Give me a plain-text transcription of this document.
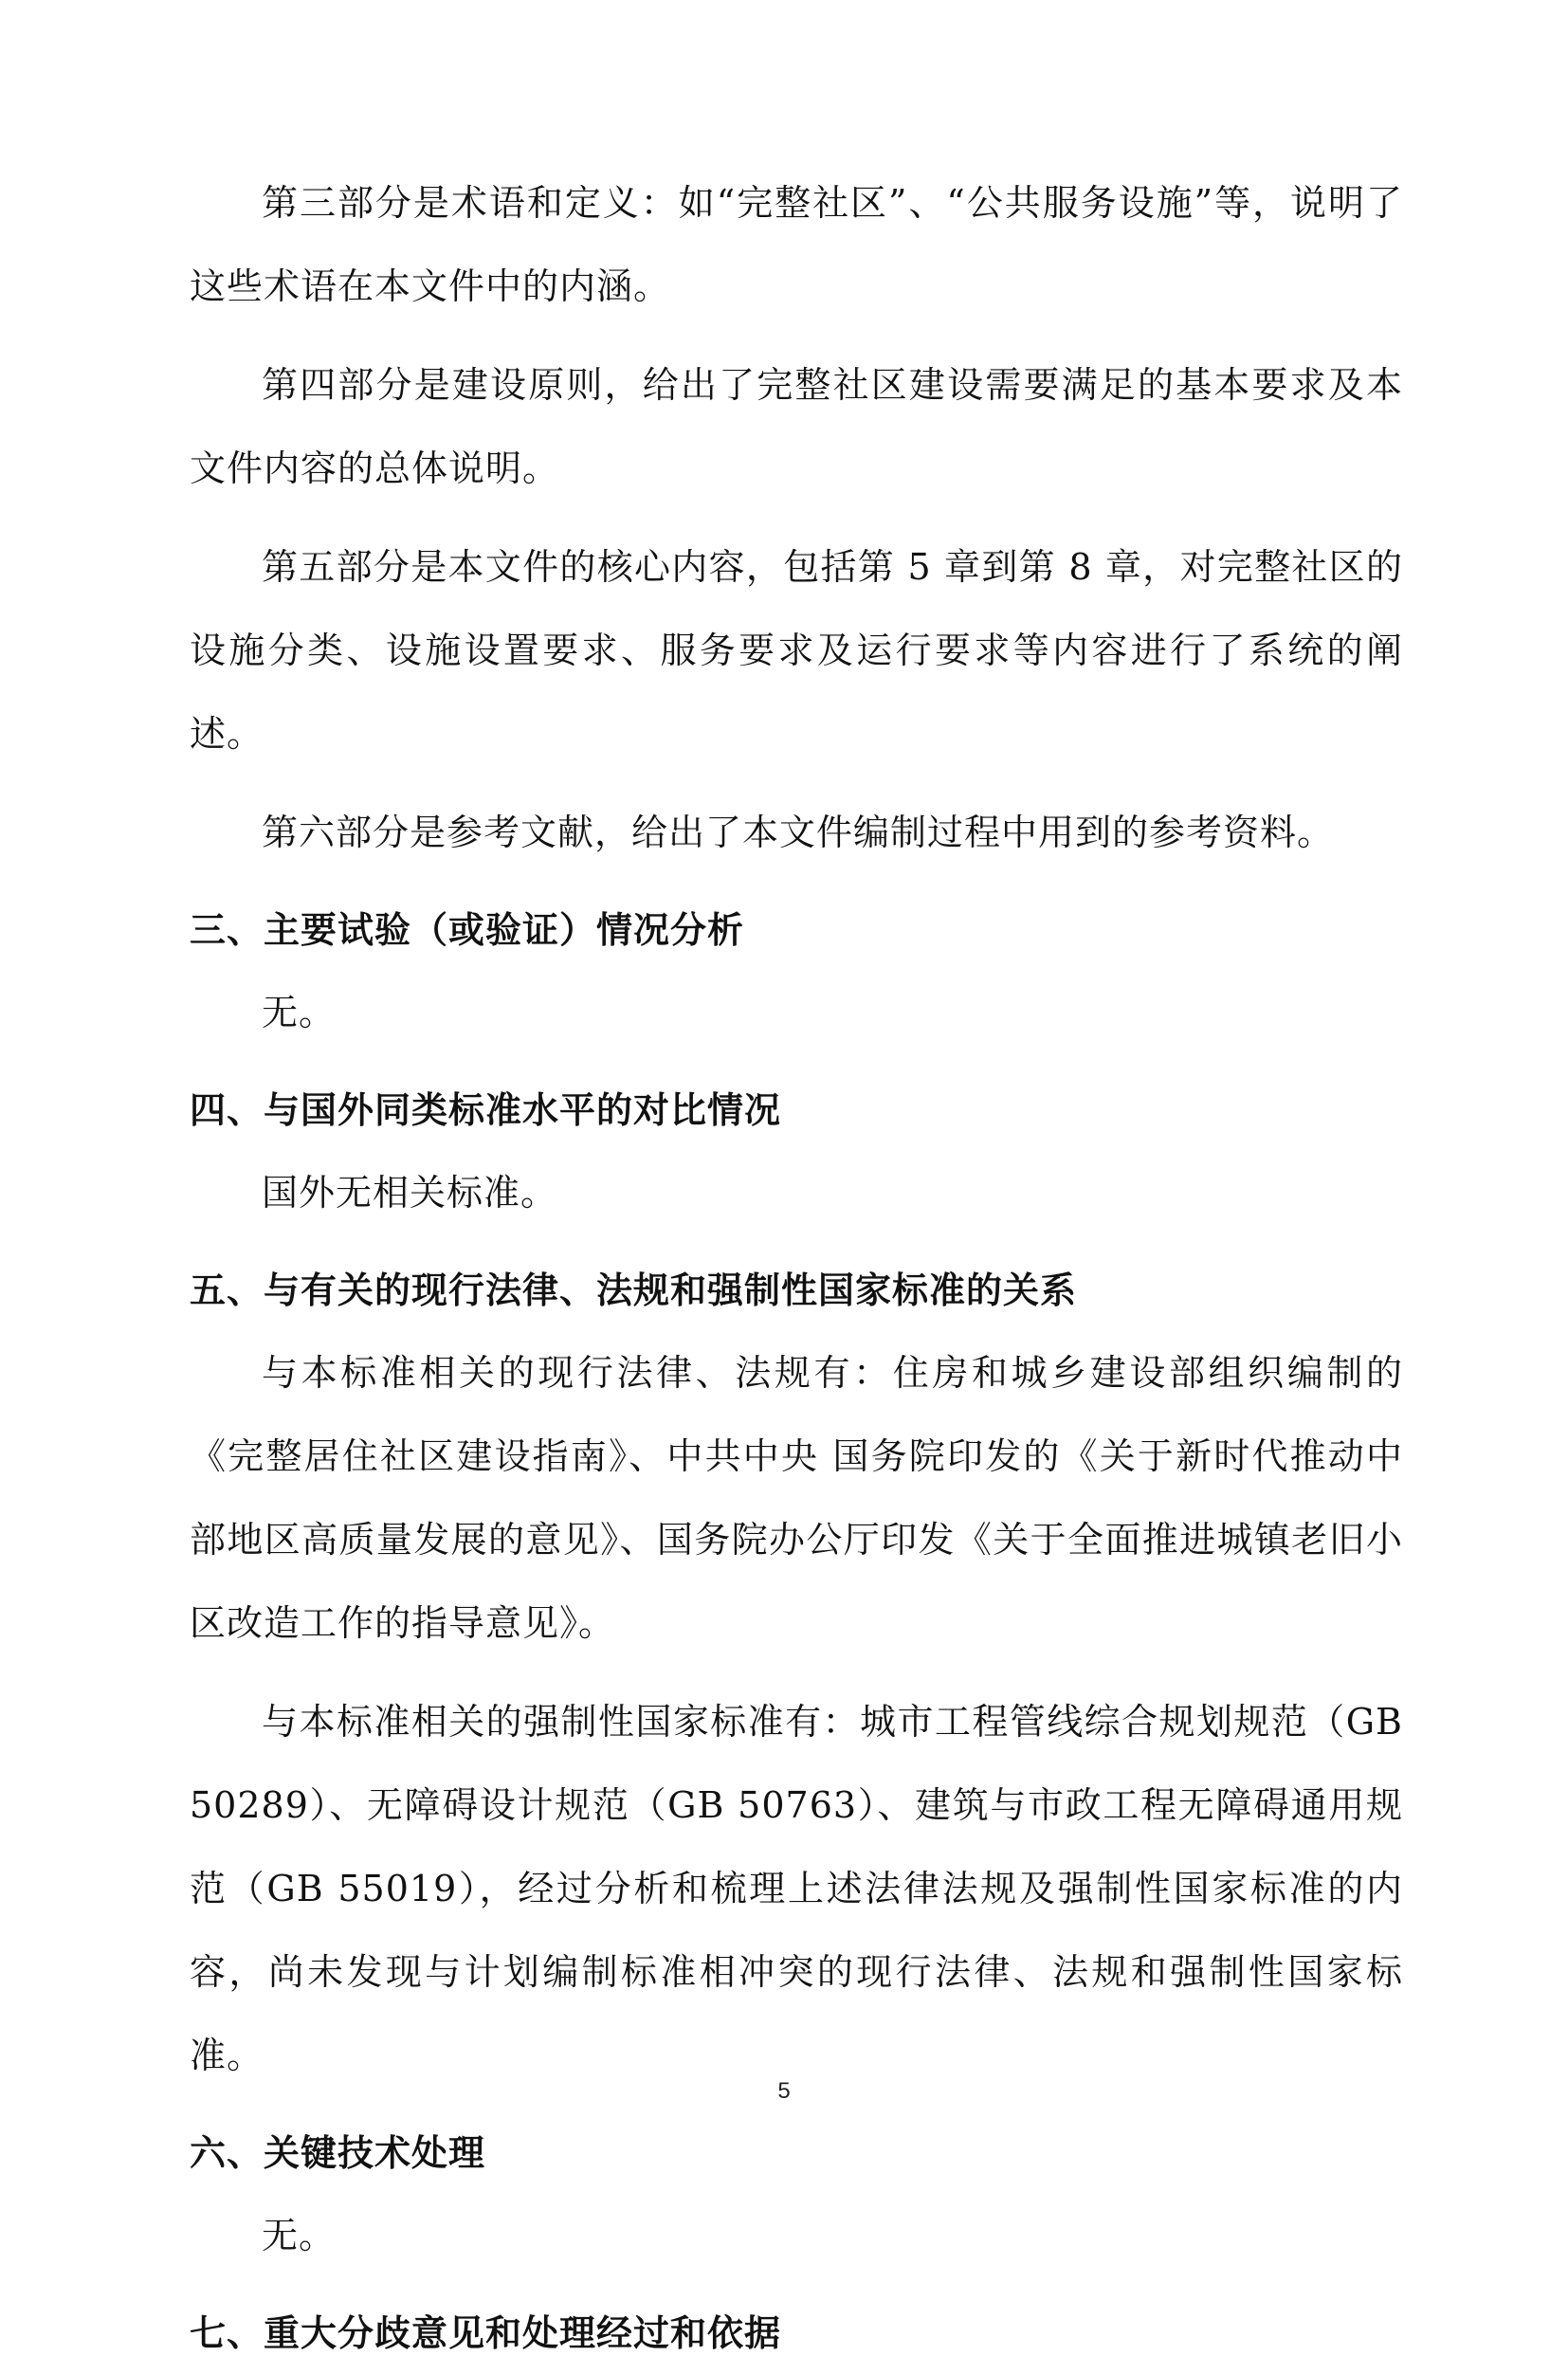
第三部分是术语和定义：如“完整社区”、“公共服务设施”等，说明了这些术语在本文件中的内涵。

第四部分是建设原则，给出了完整社区建设需要满足的基本要求及本文件内容的总体说明。

第五部分是本文件的核心内容，包括第 5 章到第 8 章，对完整社区的设施分类、设施设置要求、服务要求及运行要求等内容进行了系统的阐述。

第六部分是参考文献，给出了本文件编制过程中用到的参考资料。

三、主要试验（或验证）情况分析

无。

四、与国外同类标准水平的对比情况

国外无相关标准。

五、与有关的现行法律、法规和强制性国家标准的关系

与本标准相关的现行法律、法规有：住房和城乡建设部组织编制的《完整居住社区建设指南》、中共中央 国务院印发的《关于新时代推动中部地区高质量发展的意见》、国务院办公厅印发《关于全面推进城镇老旧小区改造工作的指导意见》。

与本标准相关的强制性国家标准有：城市工程管线综合规划规范（GB 50289）、无障碍设计规范（GB 50763）、建筑与市政工程无障碍通用规范（GB 55019），经过分析和梳理上述法律法规及强制性国家标准的内容，尚未发现与计划编制标准相冲突的现行法律、法规和强制性国家标准。

六、关键技术处理

无。

七、重大分歧意见和处理经过和依据
5
